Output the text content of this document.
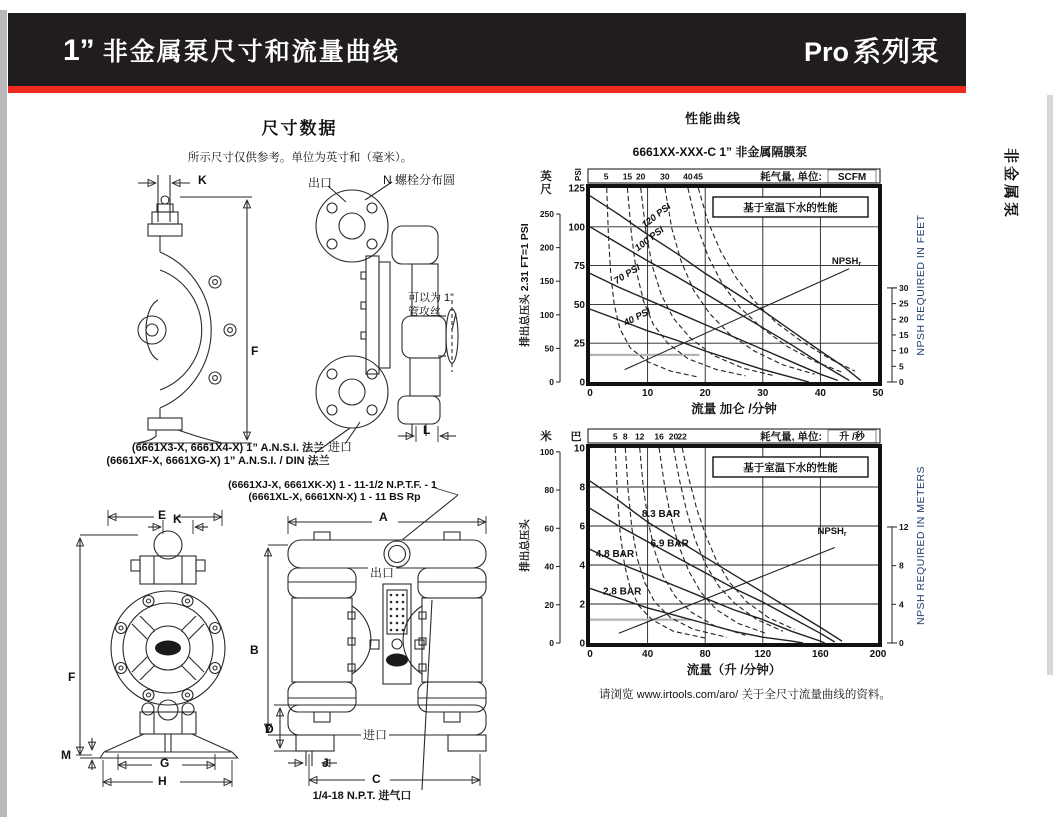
1” 非金属泵尺寸和流量曲线	Pro 系列泵
非金属泵
尺寸数据
所示尺寸仅供参考。单位为英寸和（毫米）。
K
F
出口	N 螺栓分布圆
可以为 1”
管攻丝
L
进口
(6661X3-X, 6661X4-X) 1” A.N.S.I. 法兰
(6661XF-X, 6661XG-X) 1” A.N.S.I. / DIN 法兰
(6661XJ-X, 6661XK-X) 1 - 11-1/2 N.P.T.F. - 1
(6661XL-X, 6661XN-X) 1 - 11 BS Rp
E K
F
M
G
H
A
B
D
J
C
出口
进口
1/4-18 N.P.T. 进气口
性能曲线
6661XX-XXX-C 1” 非金属隔膜泵
5 15 20 30 40 45	耗气量, 单位: SCFM
0
25
50
75
100
125
PSI
0
50
100
150
200
250
英
尺
排出总压头 2.31 FT=1 PSI
0
5
10
15
20
25
30 NPSH REQUIRED IN FEET
0	10	20	30	40	50
流量 加仑 /分钟
基于室温下水的性能
120 PSI
100 PSI
70 PSI
40 PSI
$NPSH_r$
5 8 12 16 20 22	耗气量, 单位: 升 /秒
0
2
4
6
8
10
巴
0
20
40
60
80
100
米
排出总压头
0
4
8
12 NPSH REQUIRED IN METERS
0	40	80	120	160	200
流量（升 /分钟）
基于室温下水的性能
8.3 BAR
6.9 BAR
4.8 BAR
2.8 BAR
$NPSH_r$
请浏览 www.irtools.com/aro/ 关于全尺寸流量曲线的资料。
